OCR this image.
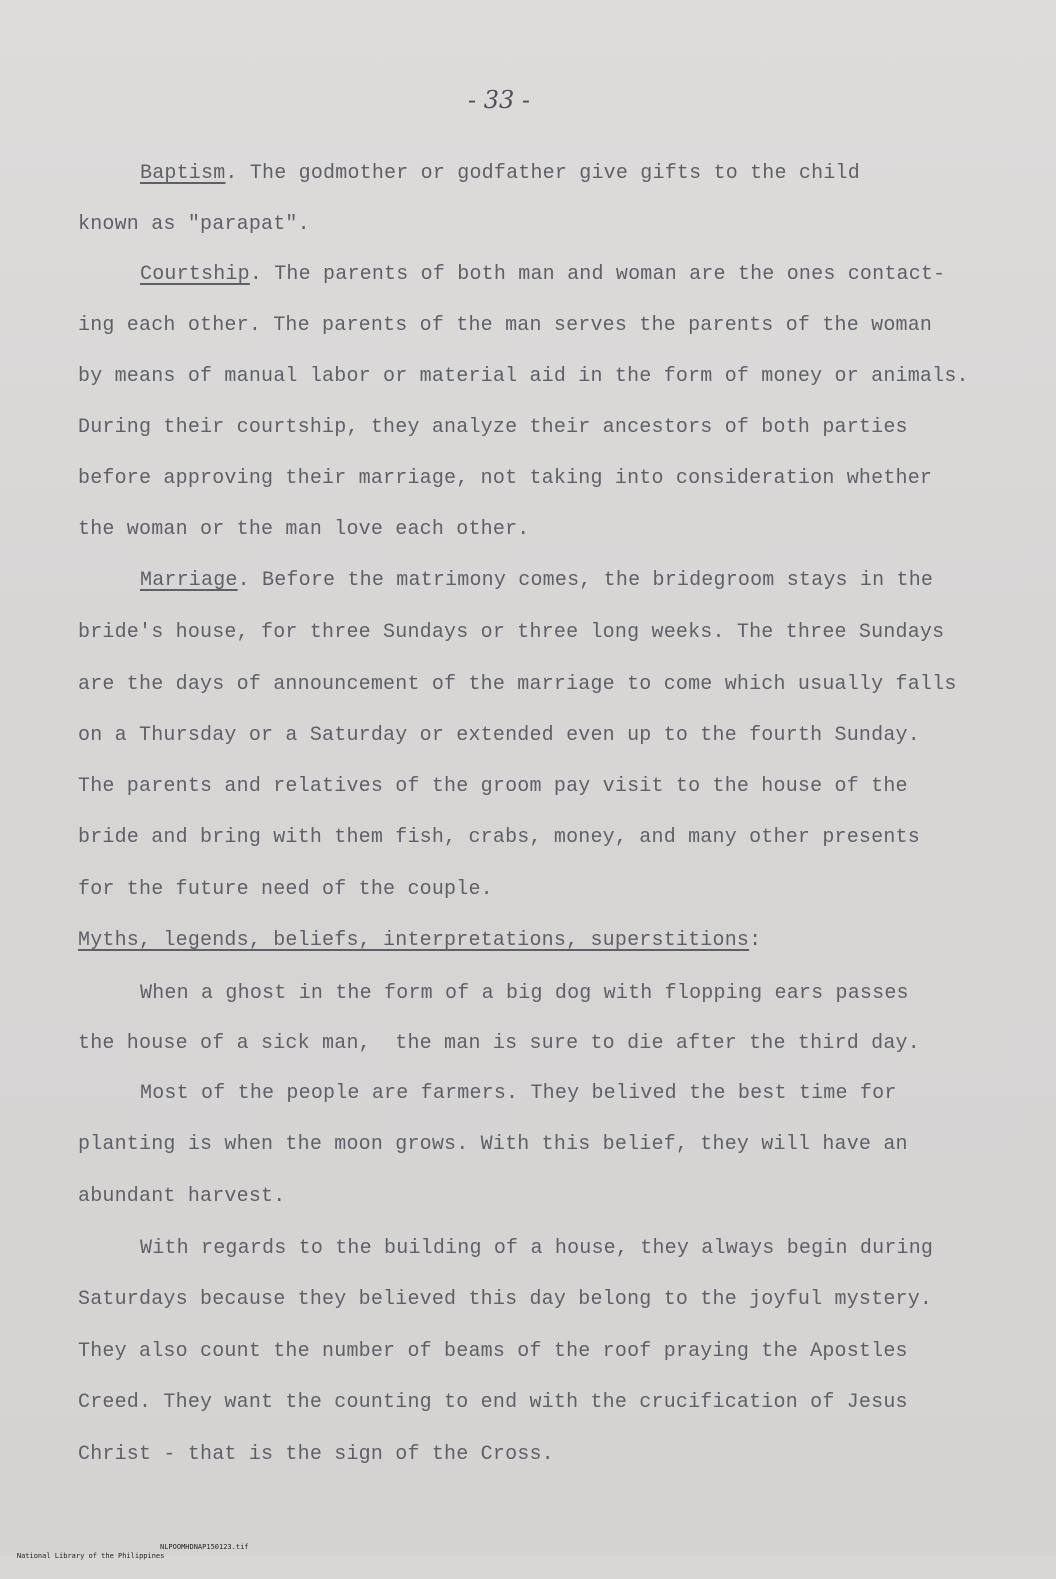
- 33 -
Baptism. The godmother or godfather give gifts to the child
known as "parapat".
Courtship. The parents of both man and woman are the ones contact-
ing each other. The parents of the man serves the parents of the woman
by means of manual labor or material aid in the form of money or animals.
During their courtship, they analyze their ancestors of both parties
before approving their marriage, not taking into consideration whether
the woman or the man love each other.
Marriage. Before the matrimony comes, the bridegroom stays in the
bride's house, for three Sundays or three long weeks. The three Sundays
are the days of announcement of the marriage to come which usually falls
on a Thursday or a Saturday or extended even up to the fourth Sunday.
The parents and relatives of the groom pay visit to the house of the
bride and bring with them fish, crabs, money, and many other presents
for the future need of the couple.
Myths, legends, beliefs, interpretations, superstitions:
When a ghost in the form of a big dog with flopping ears passes
the house of a sick man,  the man is sure to die after the third day.
Most of the people are farmers. They belived the best time for
planting is when the moon grows. With this belief, they will have an
abundant harvest.
With regards to the building of a house, they always begin during
Saturdays because they believed this day belong to the joyful mystery.
They also count the number of beams of the roof praying the Apostles
Creed. They want the counting to end with the crucification of Jesus
Christ - that is the sign of the Cross.

National Library of the Philippines

NLPOOMHDNAP150123.tif
